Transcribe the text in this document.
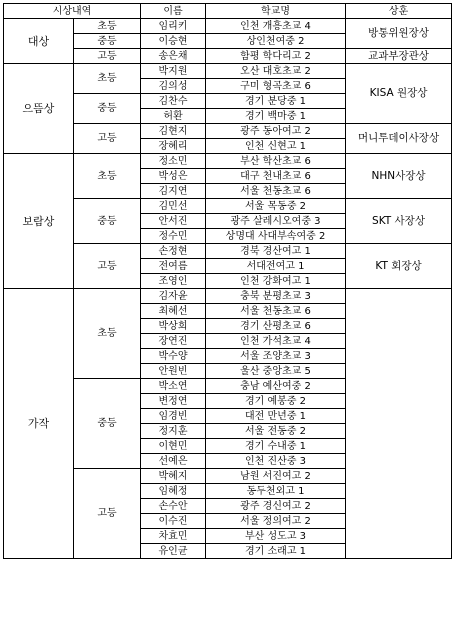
시상내역		이름	학교명	상훈
대상	초등	임리키	인천 개흥초교 4	방통위원장상
	중등	이승현	상인천여중 2	
	고등	송은채	함평 학다리고 2	교과부장관상
으뜸상	초등	박지원	오산 대호초교 2	KISA 원장상
		김의성	구미 형곡초교 6	
	중등	김찬수	경기 분당중 1	
		허환	경기 백마중 1	
	고등	김현지	광주 동아여고 2	머니투데이사장상
		장혜리	인천 신현고 1	
보람상	초등	정소민	부산 학산초교 6	NHN사장상
		박성은	대구 천내초교 6	
		김지연	서울 천동초교 6	
	중등	김민선	서울 목동중 2	SKT 사장상
		안서진	광주 살레시오여중 3	
		정수민	상명대 사대부속여중 2	
	고등	손정현	경북 경산여고 1	KT 회장상
		전여름	서대전여고 1	
		조영인	인천 강화여고 1	
가작	초등	김자윤	충북 분평초교 3	
		최혜선	서울 천동초교 6	
		박상희	경기 산평초교 6	
		장연진	인천 가석초교 4	
		박수양	서울 조양초교 3	
		안원빈	울산 중앙초교 5	
	중등	박소연	충남 예산여중 2	
		변정연	경기 예봉중 2	
		임경빈	대전 만년중 1	
		정지훈	서울 전동중 2	
		이현민	경기 수내중 1	
		선예은	인천 진산중 3	
	고등	박혜지	남원 서진여고 2	
		임혜정	동두천외고 1	
		손수안	광주 경신여고 2	
		이수진	서울 정의여고 2	
		차효민	부산 성도고 3	
		유인균	경기 소래고 1	
